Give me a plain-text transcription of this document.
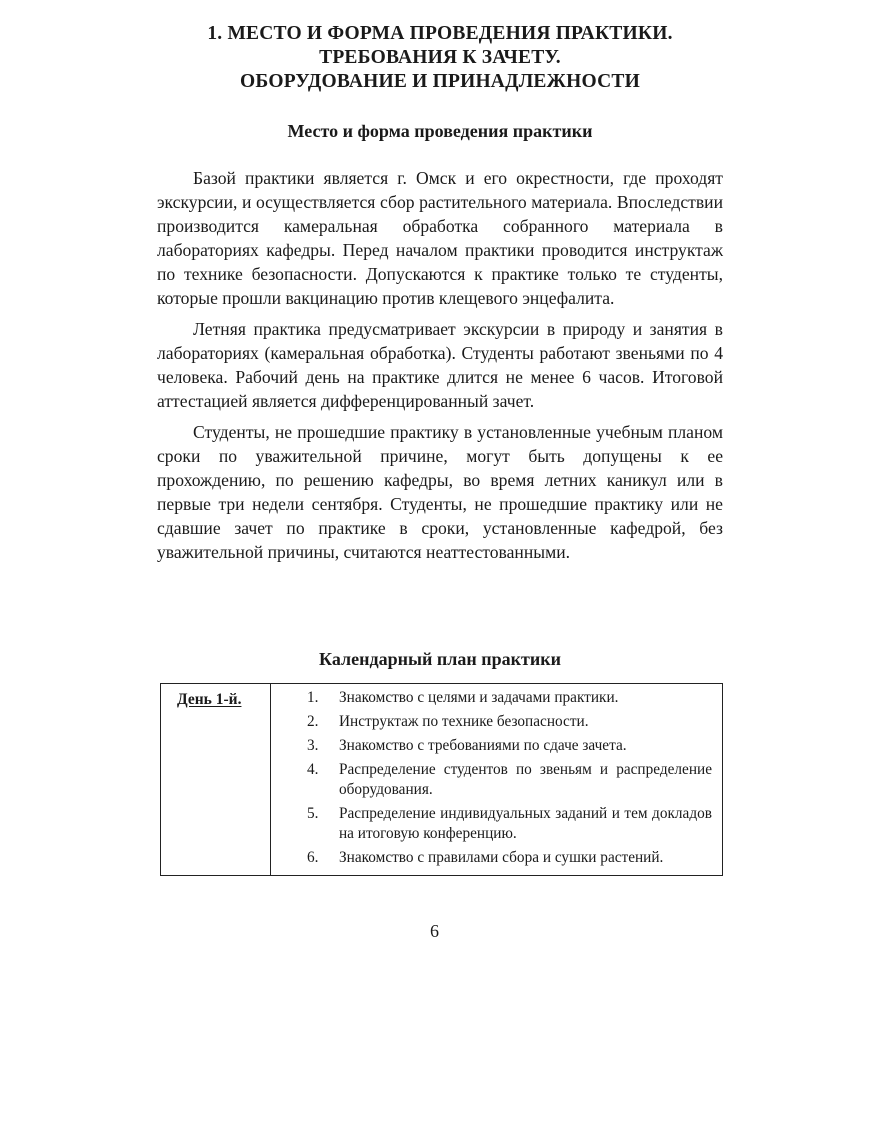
1. МЕСТО И ФОРМА ПРОВЕДЕНИЯ ПРАКТИКИ.
ТРЕБОВАНИЯ К ЗАЧЕТУ.
ОБОРУДОВАНИЕ И ПРИНАДЛЕЖНОСТИ
Место и форма проведения практики

Базой практики является г. Омск и его окрестности, где проходят экскурсии, и осуществляется сбор растительного материала. Впоследствии производится камеральная обработка собранного материала в лабораториях кафедры. Перед началом практики проводится инструктаж по технике безопасности. Допускаются к практике только те студенты, которые прошли вакцинацию против клещевого энцефалита.

Летняя практика предусматривает экскурсии в природу и занятия в лабораториях (камеральная обработка). Студенты работают звеньями по 4 человека. Рабочий день на практике длится не менее 6 часов. Итоговой аттестацией является дифференцированный зачет.

Студенты, не прошедшие практику в установленные учебным планом сроки по уважительной причине, могут быть допущены к ее прохождению, по решению кафедры, во время летних каникул или в первые три недели сентября. Студенты, не прошедшие практику или не сдавшие зачет по практике в сроки, установленные кафедрой, без уважительной причины, считаются неаттестованными.

Календарный план практики
День 1-й.	1.	Знакомство с целями и задачами практики.
2.	Инструктаж по технике безопасности.
3.	Знакомство с требованиями по сдаче зачета.
4.	Распределение студентов по звеньям и распределение оборудования.
5.	Распределение индивидуальных заданий и тем докладов на итоговую конференцию.
6.	Знакомство с правилами сбора и сушки растений.
6
